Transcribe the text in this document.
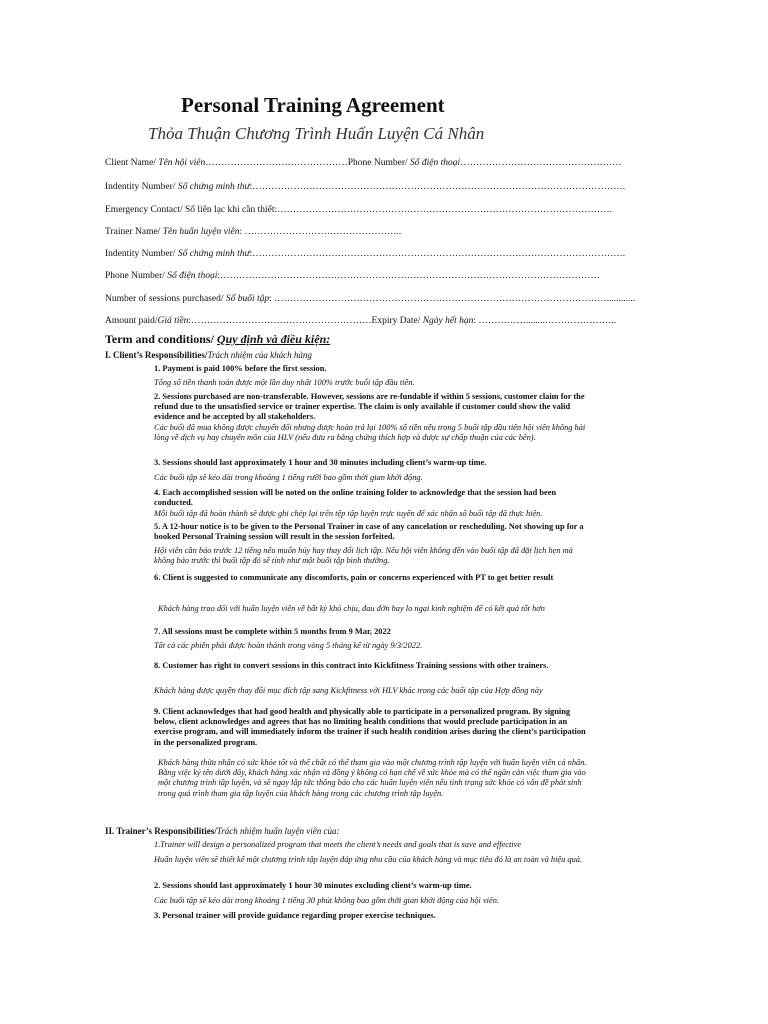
Personal Training Agreement
Thỏa Thuận Chương Trình Huấn Luyện Cá Nhân
Client Name/ Tên hội viên………………………………………Phone Number/ Số điện thoại……………………………………………
Indentity Number/ Số chứng minh thư:……………………………………………………………………………………………………….
Emergency Contact/ Số liên lạc khi cần thiết:…………………………………………………………………………………………….
Trainer Name/ Tên huấn luyện viên: …………………………………………..
Indentity Number/ Số chứng minh thư:……………………………………………………………………………………………………….
Phone Number/ Số điện thoại:…………………………………………………………………………………………………………
Number of sessions purchased/ Số buổi tập: ……………………………………………………………………………………………............
Amount paid/Giá tiền:…………………………………………………Expiry Date/ Ngày hết hạn: ……………........…………………..
Term and conditions/ Quy định và điều kiện:
I. Client’s Responsibilities/Trách nhiệm của khách hàng
1. Payment is paid 100% before the first session.
Tổng số tiền thanh toán được một lần duy nhất 100% trước buổi tập đầu tiên.
2. Sessions purchased are non-transferable. However, sessions are re-fundable if within 5 sessions, customer claim for the refund due to the unsatisfied service or trainer expertise. The claim is only available if customer could show the valid evidence and be accepted by all stakeholders.
Các buổi đã mua không được chuyển đổi nhưng được hoàn trả lại 100% số tiền nếu trong 5 buổi tập đầu tiên hội viên không hài lòng về dịch vụ hay chuyên môn của HLV (nếu đưa ra bằng chứng thích hợp và được sự chấp thuận của các bên).
3. Sessions should last approximately 1 hour and 30 minutes including client’s warm-up time.
Các buổi tập sẽ kéo dài trong khoảng 1 tiếng rưỡi bao gồm thời gian khởi động.
4. Each accomplished session will be noted on the online training folder to acknowledge that the session had been conducted.
Mỗi buổi tập đã hoàn thành sẽ được ghi chép lại trên tệp tập luyện trực tuyến để xác nhận số buổi tập đã thực hiện.
5. A 12-hour notice is to be given to the Personal Trainer in case of any cancelation or rescheduling. Not showing up for a booked Personal Training session will result in the session forfeited.
Hội viên cần báo trước 12 tiếng nếu muốn hủy hay thay đổi lịch tập. Nếu hội viên không đến vào buổi tập đã đặt lịch hẹn mà không báo trước thì buổi tập đó sẽ tính như một buổi tập bình thường.
6. Client is suggested to communicate any discomforts, pain or concerns experienced with PT to get better result
Khách hàng trao đổi với huấn luyện viên về bất kỳ khó chịu, đau đớn hay lo ngại kinh nghiệm để có kết quả tốt hơn
7. All sessions must be complete within 5 months from 9 Mar, 2022
Tất cả các phiên phải được hoàn thành trong vòng 5 tháng kể từ ngày 9/3/2022.
8. Customer has right to convert sessions in this contract into Kickfitness Training sessions with other trainers.
Khách hàng được quyền thay đổi mục đích tập sang Kickfitness với HLV khác trong các buổi tập của Hợp đồng này
9. Client acknowledges that had good health and physically able to participate in a personalized program. By signing below, client acknowledges and agrees that has no limiting health conditions that would preclude participation in an exercise program, and will immediately inform the trainer if such health condition arises during the client’s participation in the personalized program.
Khách hàng thừa nhận có sức khỏe tốt và thể chất có thể tham gia vào một chương trình tập luyện với huấn luyện viên cá nhân. Bằng việc ký tên dưới đây, khách hàng xác nhận và đồng ý không có hạn chế về sức khỏe mà có thể ngăn cản việc tham gia vào một chương trình tập luyện, và sẽ ngay lập tức thông báo cho các huấn luyện viên nếu tình trạng sức khỏe có vấn đề phát sinh trong quá trình tham gia tập luyện của khách hàng trong các chương trình tập luyện.
II. Trainer’s Responsibilities/Trách nhiệm huấn luyện viên của:
1.Trainer will design a personalized program that meets the client’s needs and goals that is save and effective
Huấn luyện viên sẽ thiết kế một chương trình tập luyện đáp ứng nhu cầu của khách hàng và mục tiêu đó là an toàn và hiệu quả.
2. Sessions should last approximately 1 hour 30 minutes excluding client’s warm-up time.
Các buổi tập sẽ kéo dài trong khoảng 1 tiếng 30 phút không bao gồm thời gian khởi động của hội viên.
3. Personal trainer will provide guidance regarding proper exercise techniques.
